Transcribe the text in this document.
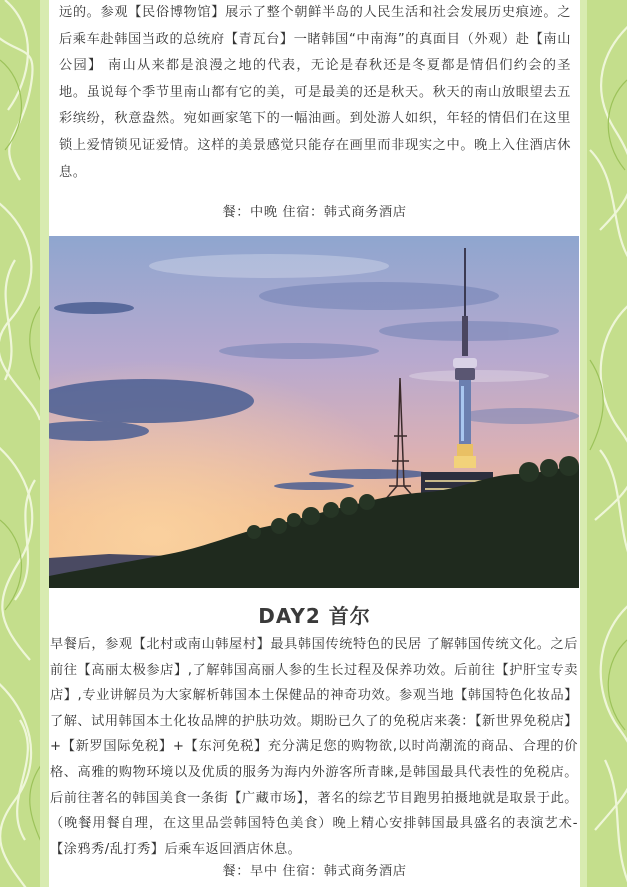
远的。参观【民俗博物馆】展示了整个朝鲜半岛的人民生活和社会发展历史痕迹。之后乘车赴韩国当政的总统府【青瓦台】一睹韩国“中南海”的真面目（外观）赴【南山公园】 南山从来都是浪漫之地的代表，无论是春秋还是冬夏都是情侣们约会的圣地。虽说每个季节里南山都有它的美，可是最美的还是秋天。秋天的南山放眼望去五彩缤纷，秋意盎然。宛如画家笔下的一幅油画。到处游人如织，年轻的情侣们在这里锁上爱情锁见证爱情。这样的美景感觉只能存在画里而非现实之中。晚上入住酒店休息。

餐：中晚 住宿：韩式商务酒店
DAY2 首尔

早餐后，参观【北村或南山韩屋村】最具韩国传统特色的民居 了解韩国传统文化。之后前往【高丽太极参店】,了解韩国高丽人参的生长过程及保养功效。后前往【护肝宝专卖店】,专业讲解员为大家解析韩国本土保健品的神奇功效。参观当地【韩国特色化妆品】了解、试用韩国本土化妆品牌的护肤功效。期盼已久了的免税店来袭：【新世界免税店】+【新罗国际免税】+【东河免税】充分满足您的购物欲,以时尚潮流的商品、合理的价格、高雅的购物环境以及优质的服务为海内外游客所青睐,是韩国最具代表性的免税店。后前往著名的韩国美食一条街【广藏市场】，著名的综艺节目跑男拍摄地就是取景于此。（晚餐用餐自理，在这里品尝韩国特色美食）晚上精心安排韩国最具盛名的表演艺术-【涂鸦秀/乱打秀】后乘车返回酒店休息。

餐：早中 住宿：韩式商务酒店
